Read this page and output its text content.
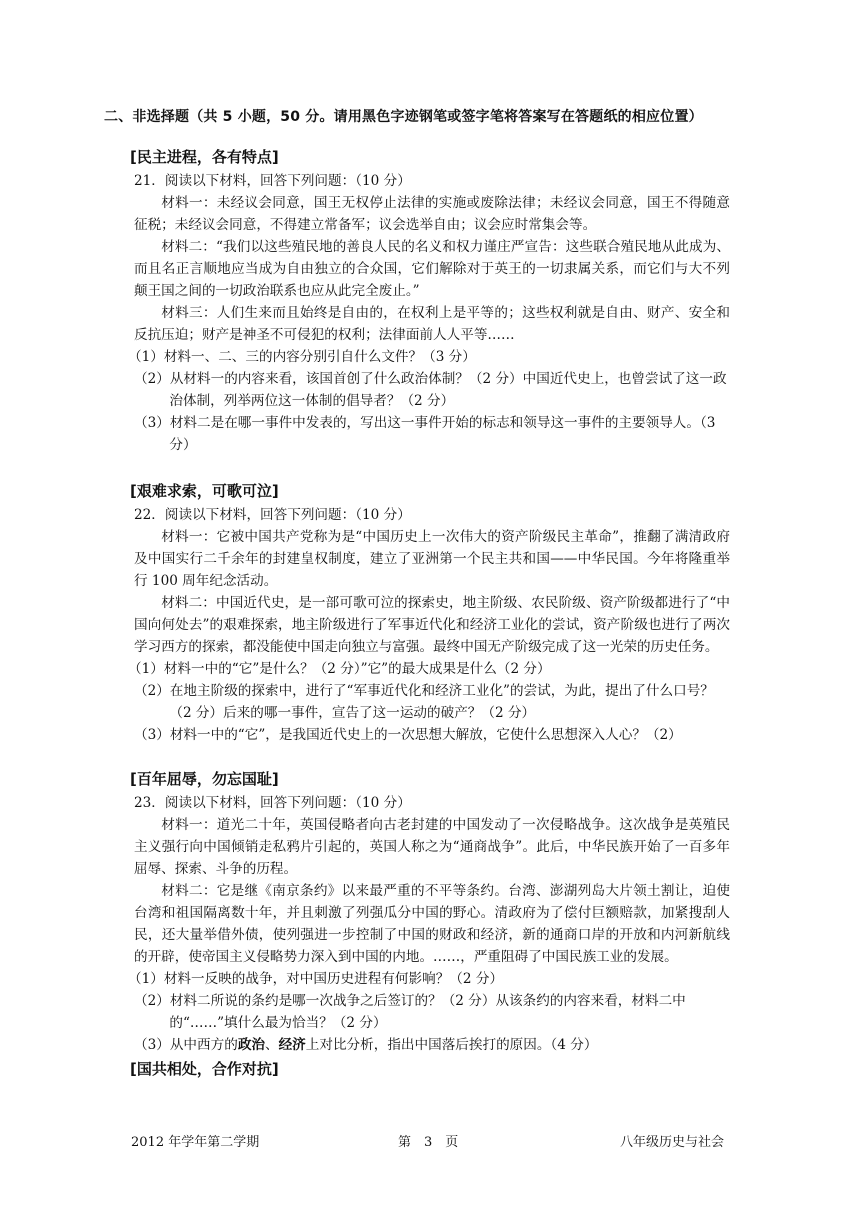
二、非选择题（共 5 小题，50 分。请用黑色字迹钢笔或签字笔将答案写在答题纸的相应位置）
[民主进程，各有特点]

21．阅读以下材料，回答下列问题：（10 分）

材料一：未经议会同意，国王无权停止法律的实施或废除法律；未经议会同意，国王不得随意征税；未经议会同意，不得建立常备军；议会选举自由；议会应时常集会等。

材料二：“我们以这些殖民地的善良人民的名义和权力谨庄严宣告：这些联合殖民地从此成为、而且名正言顺地应当成为自由独立的合众国，它们解除对于英王的一切隶属关系，而它们与大不列颠王国之间的一切政治联系也应从此完全废止。”

材料三：人们生来而且始终是自由的，在权利上是平等的；这些权利就是自由、财产、安全和反抗压迫；财产是神圣不可侵犯的权利；法律面前人人平等……

（1）材料一、二、三的内容分别引自什么文件？（3 分）

（2）从材料一的内容来看，该国首创了什么政治体制？（2 分）中国近代史上，也曾尝试了这一政治体制，列举两位这一体制的倡导者？（2 分）

（3）材料二是在哪一事件中发表的，写出这一事件开始的标志和领导这一事件的主要领导人。（3 分）

[艰难求索，可歌可泣]

22．阅读以下材料，回答下列问题：（10 分）

材料一：它被中国共产党称为是“中国历史上一次伟大的资产阶级民主革命”，推翻了满清政府及中国实行二千余年的封建皇权制度，建立了亚洲第一个民主共和国——中华民国。今年将隆重举行 100 周年纪念活动。

材料二：中国近代史，是一部可歌可泣的探索史，地主阶级、农民阶级、资产阶级都进行了“中国向何处去”的艰难探索，地主阶级进行了军事近代化和经济工业化的尝试，资产阶级也进行了两次学习西方的探索，都没能使中国走向独立与富强。最终中国无产阶级完成了这一光荣的历史任务。

（1）材料一中的“它”是什么？（2 分）”它”的最大成果是什么（2 分）

（2）在地主阶级的探索中，进行了“军事近代化和经济工业化”的尝试，为此，提出了什么口号？（2 分）后来的哪一事件，宣告了这一运动的破产？（2 分）

（3）材料一中的“它”，是我国近代史上的一次思想大解放，它使什么思想深入人心？（2）

[百年屈辱，勿忘国耻]

23．阅读以下材料，回答下列问题：（10 分）

材料一：道光二十年，英国侵略者向古老封建的中国发动了一次侵略战争。这次战争是英殖民主义强行向中国倾销走私鸦片引起的，英国人称之为“通商战争”。此后，中华民族开始了一百多年屈辱、探索、斗争的历程。

材料二：它是继《南京条约》以来最严重的不平等条约。台湾、澎湖列岛大片领土割让，迫使台湾和祖国隔离数十年，并且刺激了列强瓜分中国的野心。清政府为了偿付巨额赔款，加紧搜刮人民，还大量举借外债，使列强进一步控制了中国的财政和经济，新的通商口岸的开放和内河新航线的开辟，使帝国主义侵略势力深入到中国的内地。……，严重阻碍了中国民族工业的发展。

（1）材料一反映的战争，对中国历史进程有何影响？（2 分）

（2）材料二所说的条约是哪一次战争之后签订的？（2 分）从该条约的内容来看，材料二中的“……”填什么最为恰当？（2 分）

（3）从中西方的政治、经济上对比分析，指出中国落后挨打的原因。（4 分）

[国共相处，合作对抗]
2012 年学年第二学期	第　3　页	八年级历史与社会
